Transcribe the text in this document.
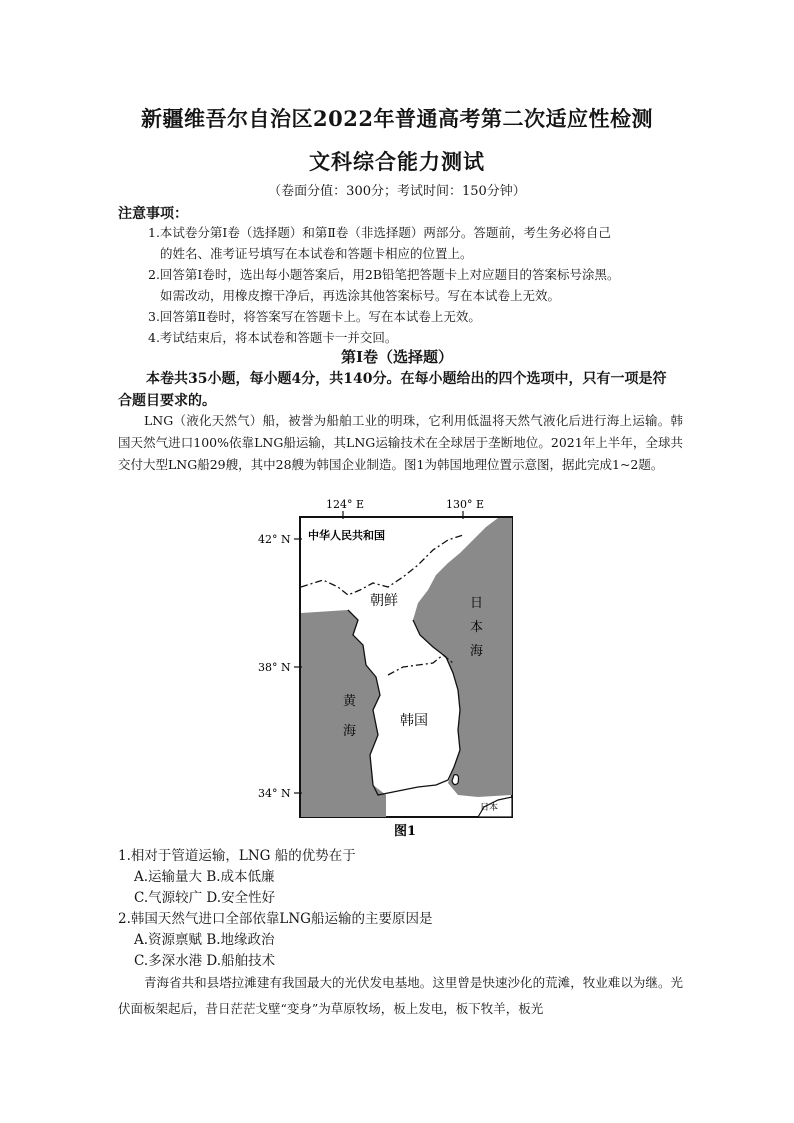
新疆维吾尔自治区2022年普通高考第二次适应性检测
文科综合能力测试
（卷面分值：300分；考试时间：150分钟）
注意事项：
1.本试卷分第Ⅰ卷（选择题）和第Ⅱ卷（非选择题）两部分。答题前，考生务必将自己
的姓名、准考证号填写在本试卷和答题卡相应的位置上。
2.回答第Ⅰ卷时，选出每小题答案后，用2B铅笔把答题卡上对应题目的答案标号涂黑。
如需改动，用橡皮擦干净后，再选涂其他答案标号。写在本试卷上无效。
3.回答第Ⅱ卷时，将答案写在答题卡上。写在本试卷上无效。
4.考试结束后，将本试卷和答题卡一并交回。
第Ⅰ卷（选择题）
本卷共35小题，每小题4分，共140分。在每小题给出的四个选项中，只有一项是符合题目要求的。
LNG（液化天然气）船，被誉为船舶工业的明珠，它利用低温将天然气液化后进行海上运输。韩国天然气进口100%依靠LNG船运输，其LNG运输技术在全球居于垄断地位。2021年上半年，全球共交付大型LNG船29艘，其中28艘为韩国企业制造。图1为韩国地理位置示意图，据此完成1~2题。
124° E	130° E
42° N
38° N
34° N
中华人民共和国
朝鲜
韩国
日本
黄海
日本海
图1
1.相对于管道运输，LNG 船的优势在于
A.运输量大 B.成本低廉
C.气源较广 D.安全性好
2.韩国天然气进口全部依靠LNG船运输的主要原因是
A.资源禀赋 B.地缘政治
C.多深水港 D.船舶技术
青海省共和县塔拉滩建有我国最大的光伏发电基地。这里曾是快速沙化的荒滩，牧业难以为继。光伏面板架起后，昔日茫茫戈壁“变身”为草原牧场，板上发电，板下牧羊，板光
